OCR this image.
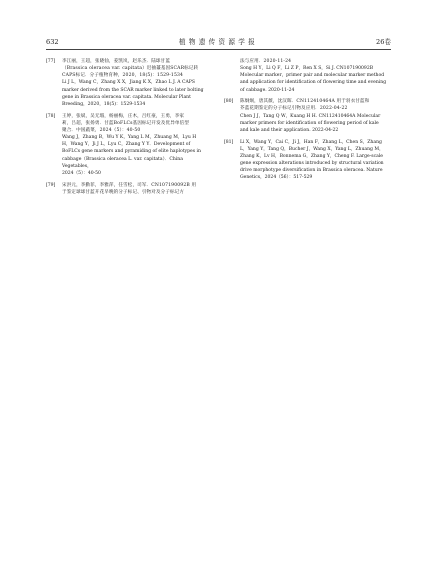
632	植物遗传资源学报	26卷
[77] 李江丽，王超，张晓仙，姜凯岚，赵乐杰．陆球甘蓝

（Brassica oleracea var. capitata）迟抽薹基因SCAR标记转

CAPS标记．分子植物育种，2020，18(5)：1529-1534

Li J L，Wang C，Zhang X X，Jiang K X，Zhao L J. A CAPS

marker derived from the SCAR marker linked to later bolting

gene in Brassica oleracea var. capitata. Molecular Plant

Breeding，2020，18(5)：1529-1534

[78] 王婷，张斌，吴无瑕，杨丽梅，庄木，吕红豪，王勇，李家

莉，吕超，张扬勇．甘蓝BoFLCs基因标记开发及优异单倍型

聚合．中国蔬菜，2024（5）：40-50

Wang J，Zhang B，Wu Y K，Yang L M，Zhuang M，Lyu H

H，Wang Y，Ji J L，Lyu C，Zhang Y Y．Development of

BoFLCs gene markers and pyramiding of elite haplotypes in

cabbage（Brassica oleracea L. var. capitata）．China Vegetables，

2024（5）：40-50

[79] 宋洪元，李勤菲，李雅萍，任雪松，司军．CN107190092B 用

于鉴定球球甘蓝开花早晚的分子标记、引物对及分子标记方

法与应用．2020-11-24

Song H Y，Li Q F，Li Z P，Ren X S，Si J. CN107190092B

Molecular marker，primer pair and molecular marker method

and application for identification of flowering time and evening

of cabbage. 2020-11-24

[80] 陈炯炯，唐其薇，沈汉晖．CN112410464A 用于羽衣甘蓝和

芥蓝花期鉴定的分子标记引物及应用．2022-04-22

Chen J J，Tang Q W，Kuang H H. CN112410464A Molecular

marker primers for identification of flowering period of kale

and kale and their application. 2022-04-22

[81] Li X，Wang Y，Cai C，Ji J，Han F，Zhang L，Chen S，Zhang

L，Yang Y，Tang Q，Bucher J，Wang X，Yang L，Zhuang M，

Zhang K，Lv H，Bonnema G，Zhang Y，Cheng F. Large-scale

gene expression alterations introduced by structural variation

drive morphotype diversification in Brassica oleracea. Nature

Genetics，2024（56）：517-529
